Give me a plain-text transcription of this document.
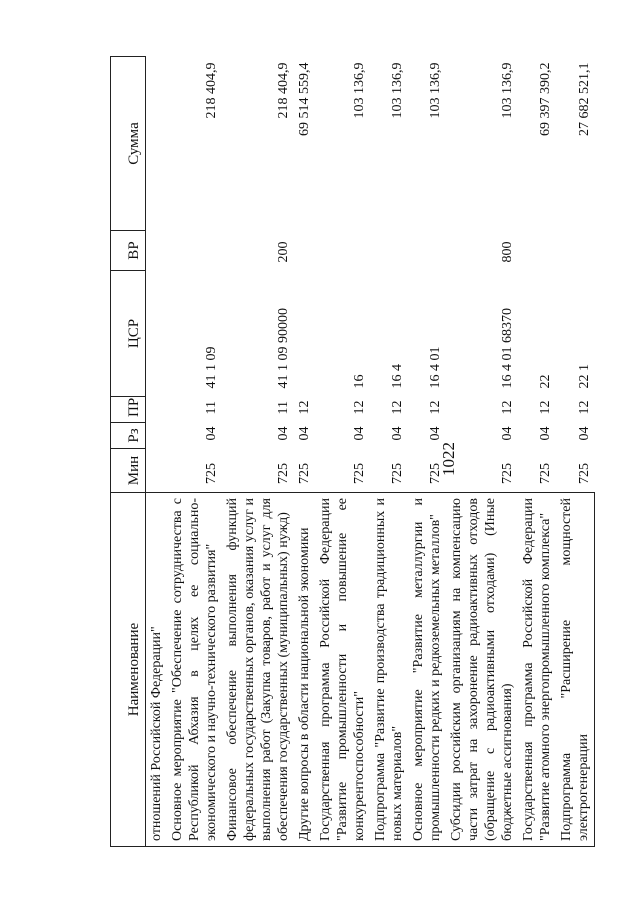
1022
Наименование	Мин	Рз	ПР	ЦСР	ВР	Сумма
отношений Российской Федерации"						
Основное мероприятие "Обеспечение сотрудничества с Республикой Абхазия в целях ее социально-экономического и научно-технического развития"	725	04	11	41 1 09		218 404,9
Финансовое обеспечение выполнения функций федеральных государственных органов, оказания услуг и выполнения работ (Закупка товаров, работ и услуг для обеспечения государственных (муниципальных) нужд)	725	04	11	41 1 09 90000	200	218 404,9
Другие вопросы в области национальной экономики	725	04	12			69 514 559,4
Государственная программа Российской Федерации "Развитие промышленности и повышение ее конкурентоспособности"	725	04	12	16		103 136,9
Подпрограмма "Развитие производства традиционных и новых материалов"	725	04	12	16 4		103 136,9
Основное мероприятие "Развитие металлургии и промышленности редких и редкоземельных металлов"	725	04	12	16 4 01		103 136,9
Субсидии российским организациям на компенсацию части затрат на захоронение радиоактивных отходов (обращение с радиоактивными отходами) (Иные бюджетные ассигнования)	725	04	12	16 4 01 68370	800	103 136,9
Государственная программа Российской Федерации "Развитие атомного энергопромышленного комплекса"	725	04	12	22		69 397 390,2
Подпрограмма "Расширение мощностей электрогенерации	725	04	12	22 1		27 682 521,1
